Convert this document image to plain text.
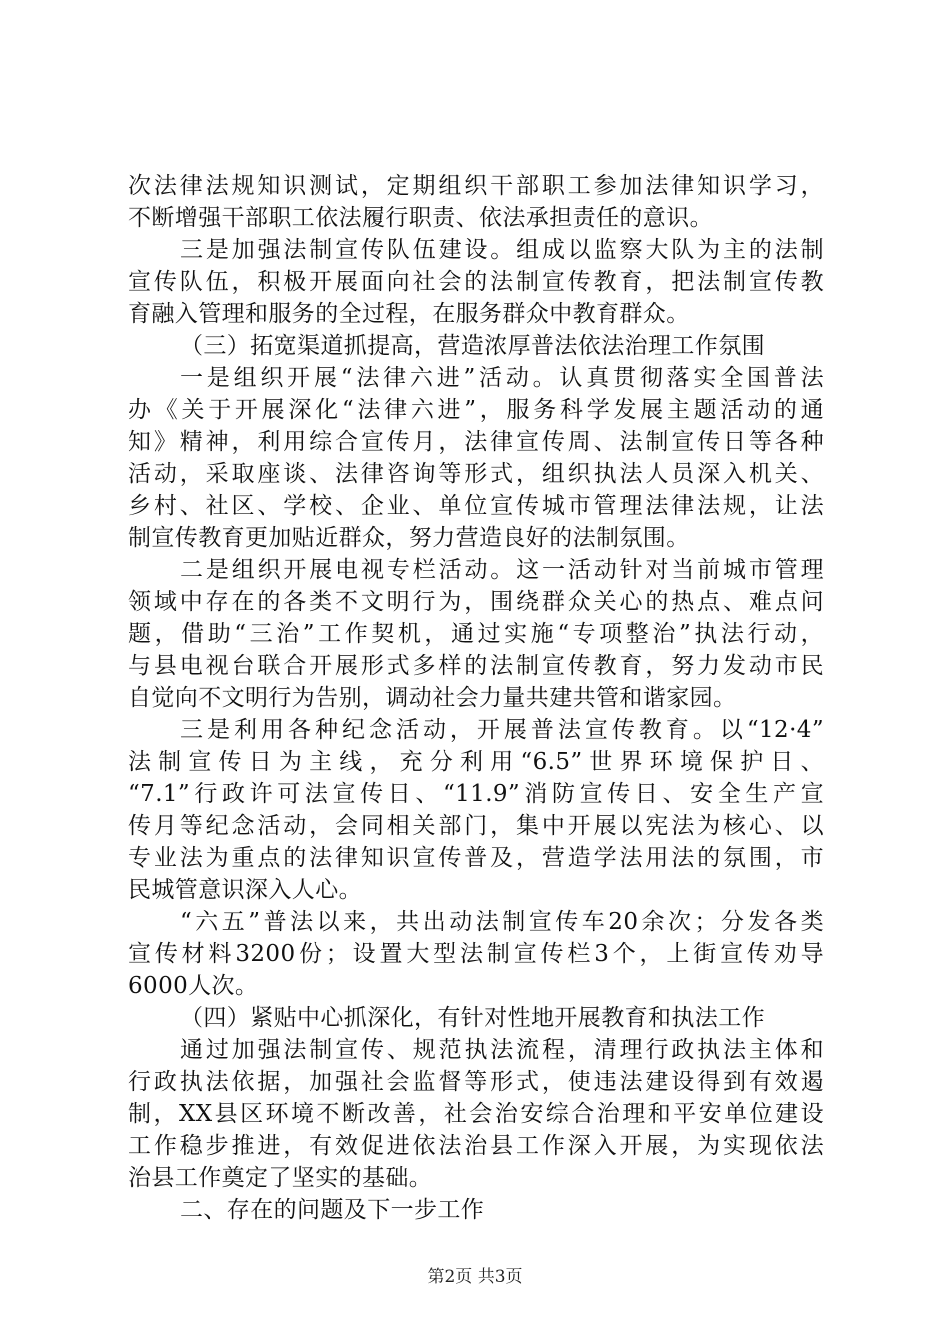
次法律法规知识测试，定期组织干部职工参加法律知识学习，
不断增强干部职工依法履行职责、依法承担责任的意识。
三是加强法制宣传队伍建设。组成以监察大队为主的法制
宣传队伍，积极开展面向社会的法制宣传教育，把法制宣传教
育融入管理和服务的全过程，在服务群众中教育群众。
（三）拓宽渠道抓提高，营造浓厚普法依法治理工作氛围
一是组织开展“法律六进”活动。认真贯彻落实全国普法
办《关于开展深化“法律六进”，服务科学发展主题活动的通
知》精神，利用综合宣传月，法律宣传周、法制宣传日等各种
活动，采取座谈、法律咨询等形式，组织执法人员深入机关、
乡村、社区、学校、企业、单位宣传城市管理法律法规，让法
制宣传教育更加贴近群众，努力营造良好的法制氛围。
二是组织开展电视专栏活动。这一活动针对当前城市管理
领域中存在的各类不文明行为，围绕群众关心的热点、难点问
题，借助“三治”工作契机，通过实施“专项整治”执法行动，
与县电视台联合开展形式多样的法制宣传教育，努力发动市民
自觉向不文明行为告别，调动社会力量共建共管和谐家园。
三是利用各种纪念活动，开展普法宣传教育。以“12·4”
法制宣传日为主线，充分利用“6.5”世界环境保护日、
“7.1”行政许可法宣传日、“11.9”消防宣传日、安全生产宣
传月等纪念活动，会同相关部门，集中开展以宪法为核心、以
专业法为重点的法律知识宣传普及，营造学法用法的氛围，市
民城管意识深入人心。
“六五”普法以来，共出动法制宣传车20余次；分发各类
宣传材料3200份；设置大型法制宣传栏3个，上街宣传劝导
6000人次。
（四）紧贴中心抓深化，有针对性地开展教育和执法工作
通过加强法制宣传、规范执法流程，清理行政执法主体和
行政执法依据，加强社会监督等形式，使违法建设得到有效遏
制，XX县区环境不断改善，社会治安综合治理和平安单位建设
工作稳步推进，有效促进依法治县工作深入开展，为实现依法
治县工作奠定了坚实的基础。
二、存在的问题及下一步工作
第2页 共3页
